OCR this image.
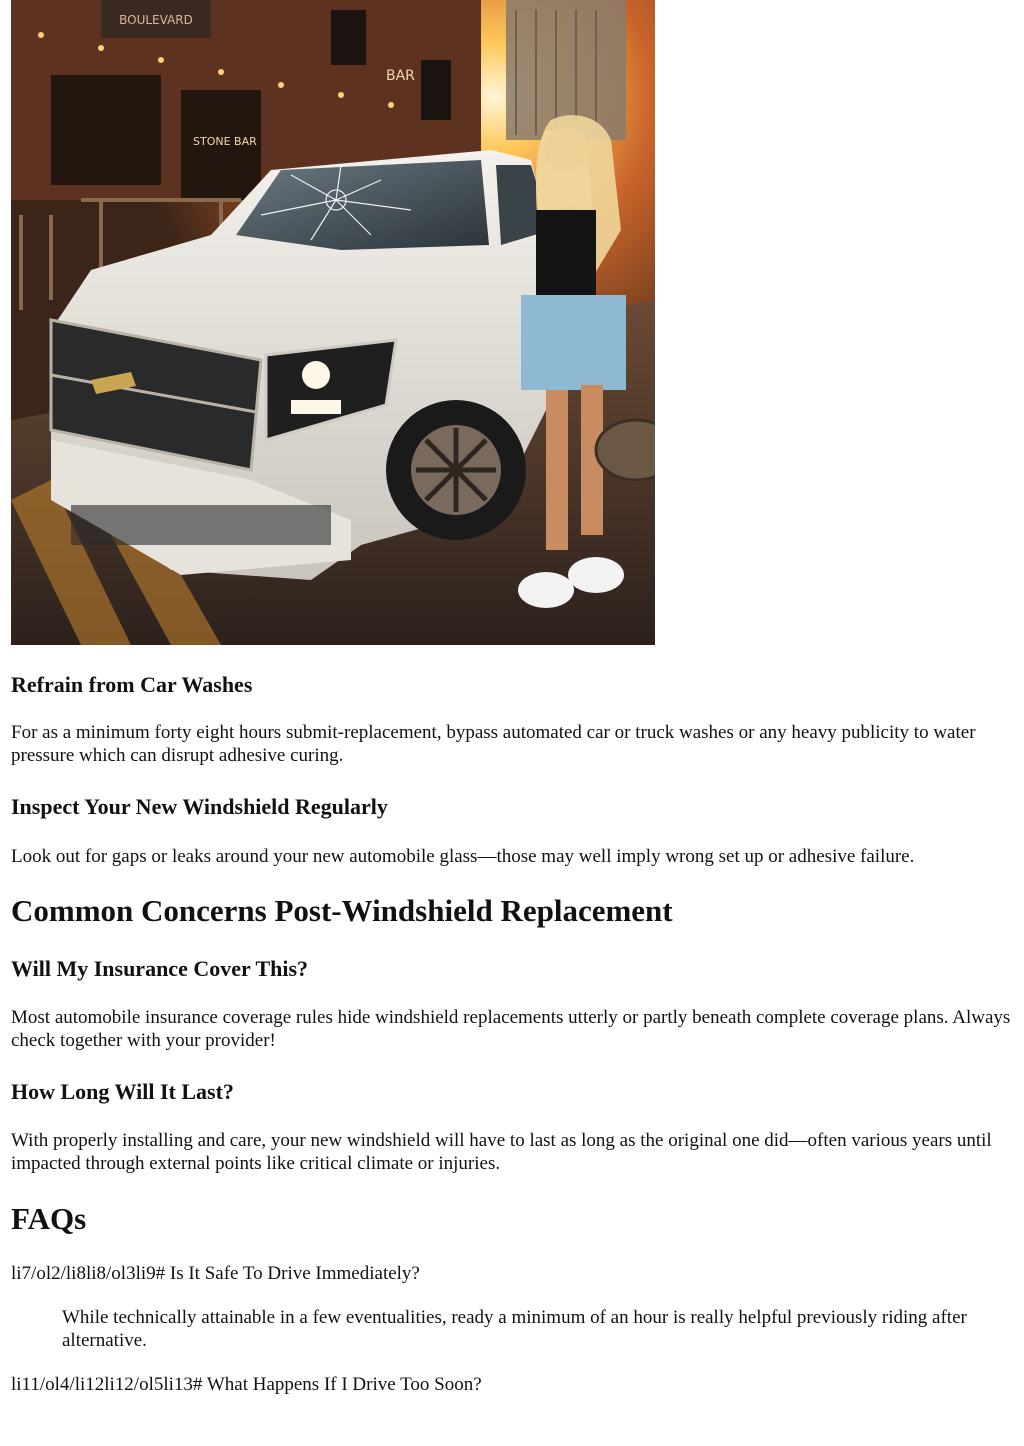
BOULEVARD
BAR
STONE BAR
Refrain from Car Washes

For as a minimum forty eight hours submit-replacement, bypass automated car or truck washes or any heavy publicity to water pressure which can disrupt adhesive curing.

Inspect Your New Windshield Regularly

Look out for gaps or leaks around your new automobile glass—those may well imply wrong set up or adhesive failure.

Common Concerns Post-Windshield Replacement
Will My Insurance Cover This?

Most automobile insurance coverage rules hide windshield replacements utterly or partly beneath complete coverage plans. Always check together with your provider!

How Long Will It Last?

With properly installing and care, your new windshield will have to last as long as the original one did—often various years until impacted through external points like critical climate or injuries.

FAQs

li7/ol2/li8li8/ol3li9# Is It Safe To Drive Immediately?

While technically attainable in a few eventualities, ready a minimum of an hour is really helpful previously riding after alternative.

li11/ol4/li12li12/ol5li13# What Happens If I Drive Too Soon?
